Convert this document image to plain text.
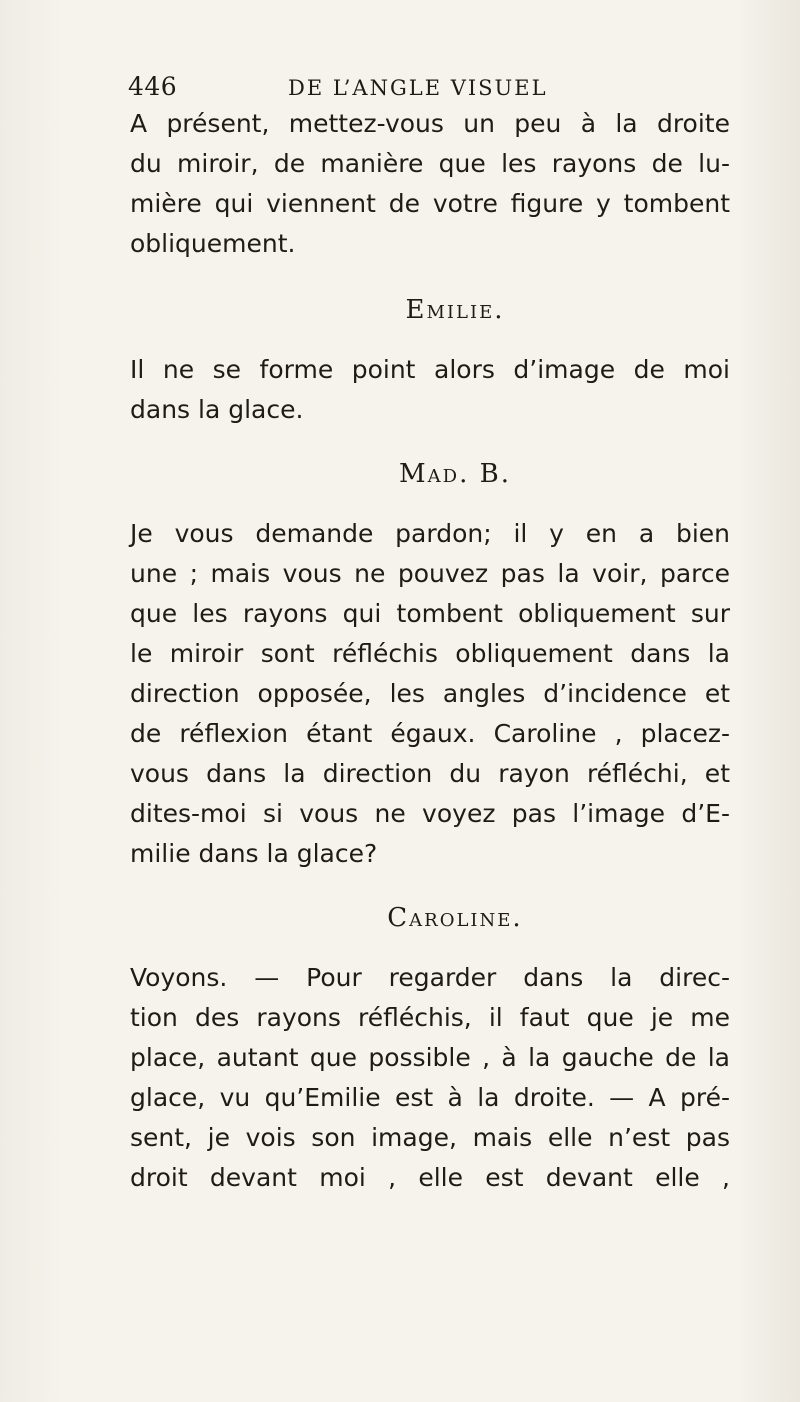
446	DE L’ANGLE VISUEL

A présent, mettez-vous un peu à la droite
du miroir, de manière que les rayons de lu-
mière qui viennent de votre figure y tombent
obliquement.

Emilie.

Il ne se forme point alors d’image de moi
dans la glace.

Mad. B.

Je vous demande pardon; il y en a bien
une ; mais vous ne pouvez pas la voir, parce
que les rayons qui tombent obliquement sur
le miroir sont réfléchis obliquement dans la
direction opposée, les angles d’incidence et
de réflexion étant égaux. Caroline , placez-
vous dans la direction du rayon réfléchi, et
dites-moi si vous ne voyez pas l’image d’E-
milie dans la glace?

Caroline.

Voyons. — Pour regarder dans la direc-
tion des rayons réfléchis, il faut que je me
place, autant que possible , à la gauche de la
glace, vu qu’Emilie est à la droite. — A pré-
sent, je vois son image, mais elle n’est pas
droit devant moi , elle est devant elle ,
